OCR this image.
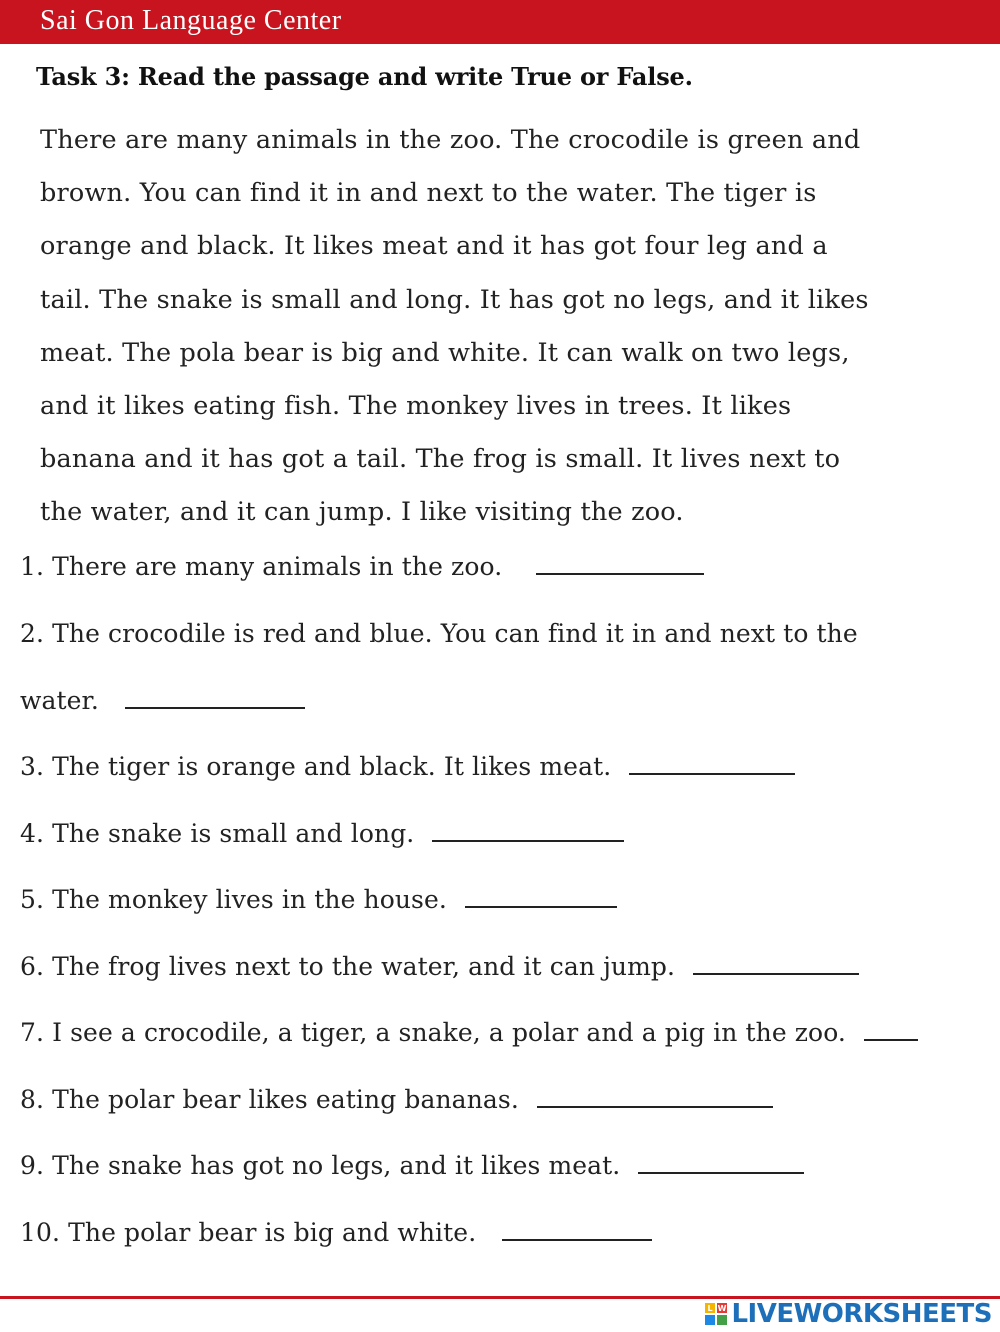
Sai Gon Language Center
Task 3: Read the passage and write True or False.
There are many animals in the zoo. The crocodile is green and
brown. You can find it in and next to the water. The tiger is
orange and black. It likes meat and it has got four leg and a
tail. The snake is small and long. It has got no legs, and it likes
meat. The pola bear is big and white. It can walk on two legs,
and it likes eating fish. The monkey lives in trees. It likes
banana and it has got a tail. The frog is small. It lives next to
the water, and it can jump. I like visiting the zoo.
1. There are many animals in the zoo.
2. The crocodile is red and blue. You can find it in and next to the
water.
3. The tiger is orange and black. It likes meat.
4. The snake is small and long.
5. The monkey lives in the house.
6. The frog lives next to the water, and it can jump.
7. I see a crocodile, a tiger, a snake, a polar and a pig in the zoo.
8. The polar bear likes eating bananas.
9. The snake has got no legs, and it likes meat.
10. The polar bear is big and white.
L W LIVEWORKSHEETS
